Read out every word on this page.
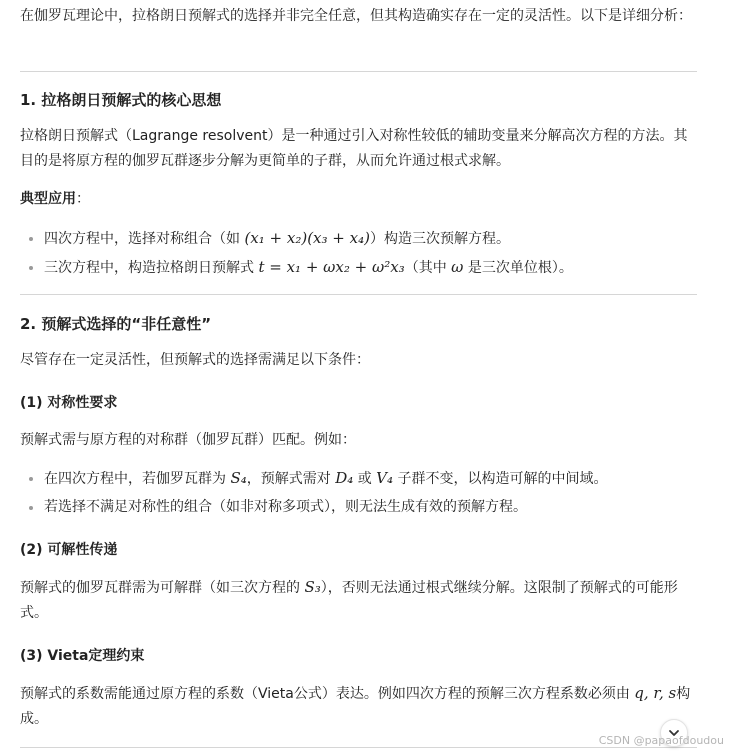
在伽罗瓦理论中，拉格朗日预解式的选择并非完全任意，但其构造确实存在一定的灵活性。以下是详细分析：

1. 拉格朗日预解式的核心思想

拉格朗日预解式（Lagrange resolvent）是一种通过引入对称性较低的辅助变量来分解高次方程的方法。其目的是将原方程的伽罗瓦群逐步分解为更简单的子群，从而允许通过根式求解。

典型应用：

四次方程中，选择对称组合（如 (x₁ + x₂)(x₃ + x₄)）构造三次预解方程。
三次方程中，构造拉格朗日预解式 t = x₁ + ωx₂ + ω²x₃（其中 ω 是三次单位根）。
2. 预解式选择的“非任意性”

尽管存在一定灵活性，但预解式的选择需满足以下条件：

(1) 对称性要求

预解式需与原方程的对称群（伽罗瓦群）匹配。例如：

在四次方程中，若伽罗瓦群为 S₄，预解式需对 D₄ 或 V₄ 子群不变，以构造可解的中间域。
若选择不满足对称性的组合（如非对称多项式），则无法生成有效的预解方程。
(2) 可解性传递

预解式的伽罗瓦群需为可解群（如三次方程的 S₃），否则无法通过根式继续分解。这限制了预解式的可能形式。

(3) Vieta定理约束

预解式的系数需能通过原方程的系数（Vieta公式）表达。例如四次方程的预解三次方程系数必须由 q, r, s构成。

CSDN @papaofdoudou
